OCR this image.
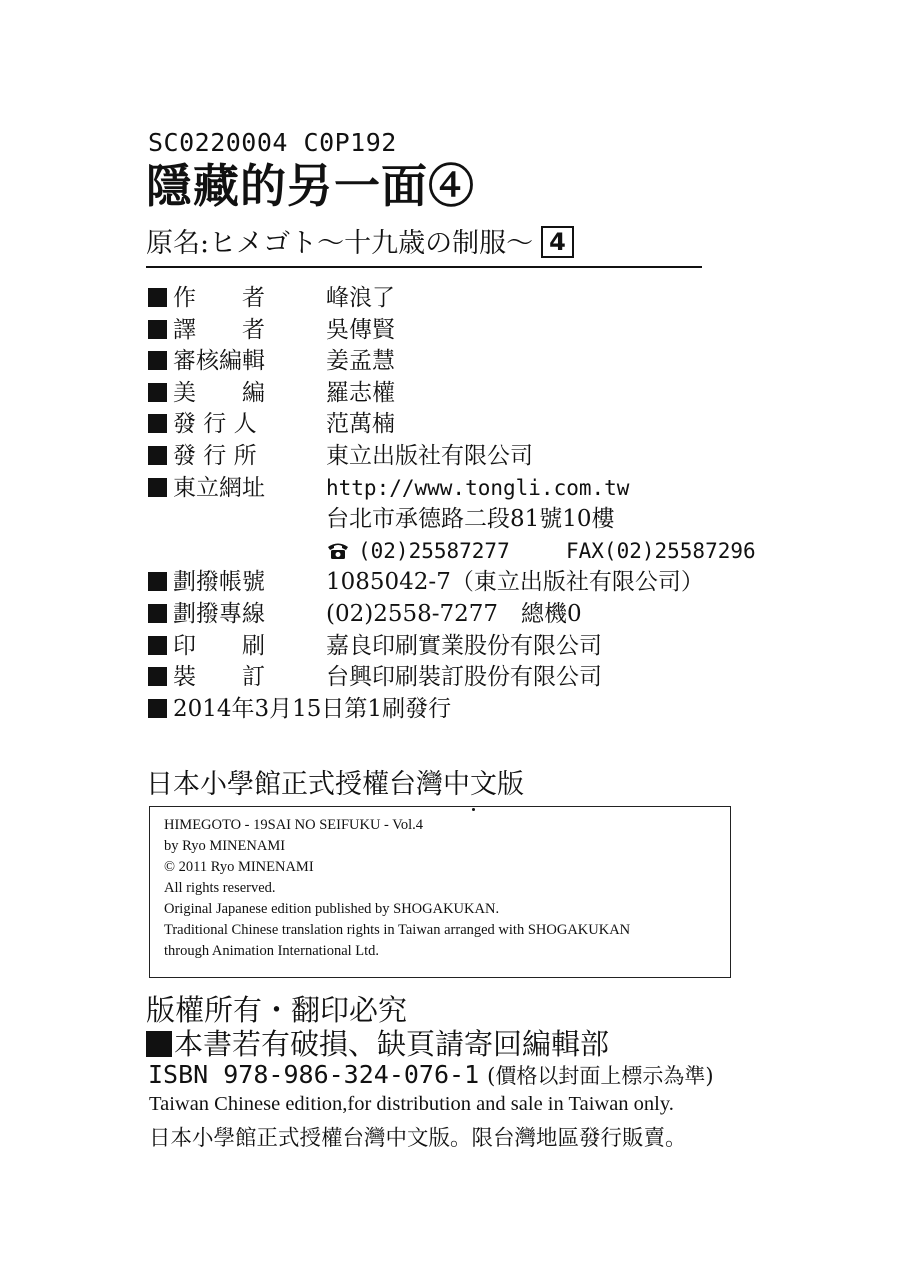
SC0220004 C0P192
隱藏的另一面④
原名:ヒメゴト〜十九歳の制服〜 4
作　　者	峰浪了
譯　　者	吳傳賢
審核編輯	姜孟慧
美　　編	羅志權
發 行 人	范萬楠
發 行 所	東立出版社有限公司
東立網址	http://www.tongli.com.tw
台北市承德路二段81號10樓
(02)25587277	FAX(02)25587296
劃撥帳號	1085042-7（東立出版社有限公司）
劃撥專線	(02)2558-7277　總機0
印　　刷	嘉良印刷實業股份有限公司
裝　　訂	台興印刷裝訂股份有限公司
2014年3月15日第1刷發行
日本小學館正式授權台灣中文版
HIMEGOTO - 19SAI NO SEIFUKU - Vol.4
by Ryo MINENAMI
© 2011 Ryo MINENAMI
All rights reserved.
Original Japanese edition published by SHOGAKUKAN.
Traditional Chinese translation rights in Taiwan arranged with SHOGAKUKAN
through Animation International Ltd.
版權所有・翻印必究
本書若有破損、缺頁請寄回編輯部
ISBN 978-986-324-076-1 (價格以封面上標示為準)
Taiwan Chinese edition,for distribution and sale in Taiwan only.
日本小學館正式授權台灣中文版。限台灣地區發行販賣。
